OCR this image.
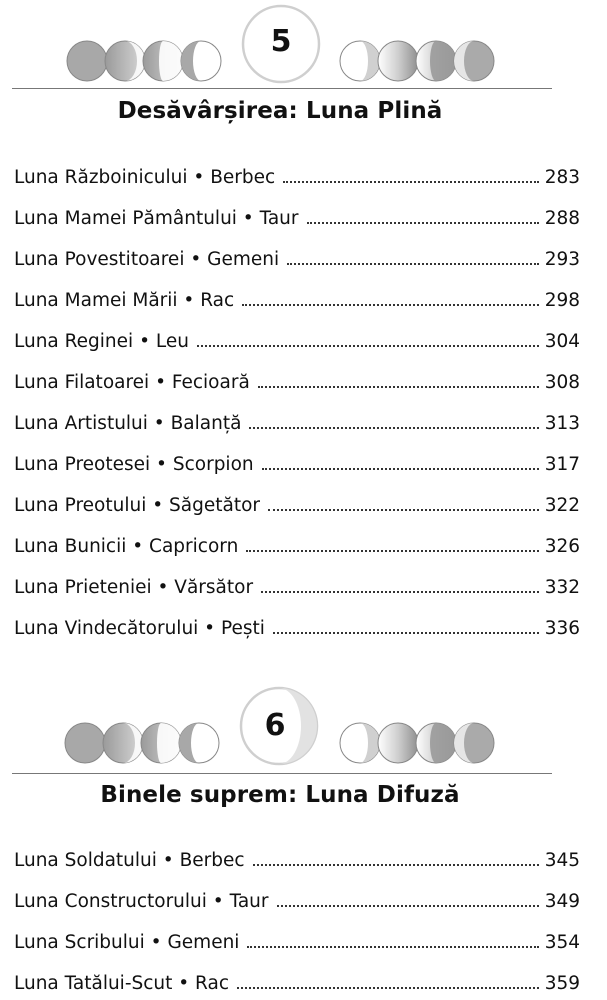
5
Desăvârșirea: Luna Plină
Luna Războinicului • Berbec	283
Luna Mamei Pământului • Taur	288
Luna Povestitoarei • Gemeni	293
Luna Mamei Mării • Rac	298
Luna Reginei • Leu	304
Luna Filatoarei • Fecioară	308
Luna Artistului • Balanță	313
Luna Preotesei • Scorpion	317
Luna Preotului • Săgetător	322
Luna Bunicii • Capricorn	326
Luna Prieteniei • Vărsător	332
Luna Vindecătorului • Pești	336
6
Binele suprem: Luna Difuză
Luna Soldatului • Berbec	345
Luna Constructorului • Taur	349
Luna Scribului • Gemeni	354
Luna Tatălui-Scut • Rac	359
